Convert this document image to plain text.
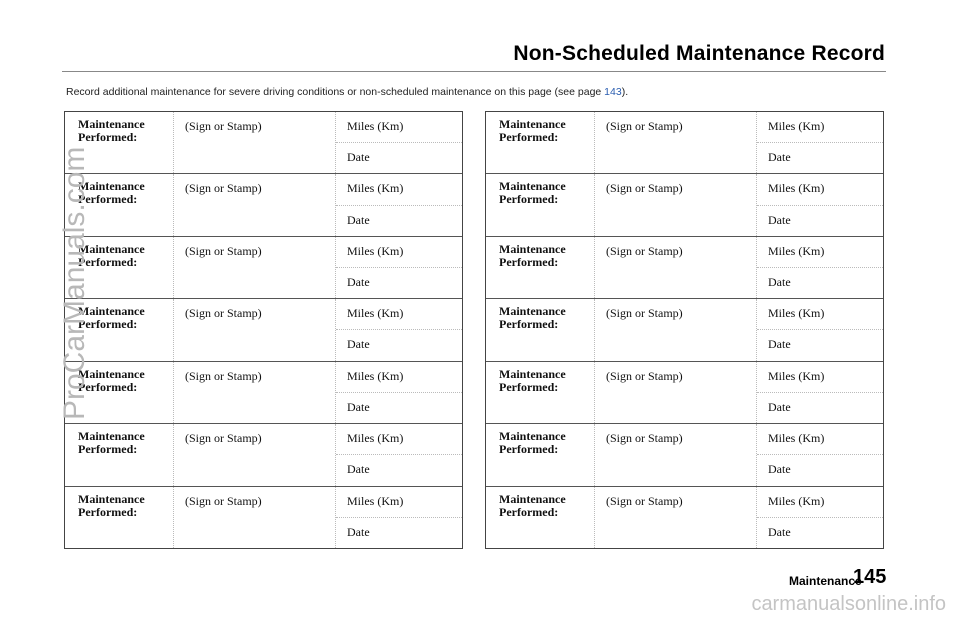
Non-Scheduled Maintenance Record
Record additional maintenance for severe driving conditions or non-scheduled maintenance on this page (see page 143).
Maintenance
Performed:
(Sign or Stamp)	Miles (Km)
Date
Maintenance
Performed:
(Sign or Stamp)	Miles (Km)
Date
Maintenance
Performed:
(Sign or Stamp)	Miles (Km)
Date
Maintenance
Performed:
(Sign or Stamp)	Miles (Km)
Date
Maintenance
Performed:
(Sign or Stamp)	Miles (Km)
Date
Maintenance
Performed:
(Sign or Stamp)	Miles (Km)
Date
Maintenance
Performed:
(Sign or Stamp)	Miles (Km)
Date
Maintenance
Performed:
(Sign or Stamp)	Miles (Km)
Date
Maintenance
Performed:
(Sign or Stamp)	Miles (Km)
Date
Maintenance
Performed:
(Sign or Stamp)	Miles (Km)
Date
Maintenance
Performed:
(Sign or Stamp)	Miles (Km)
Date
Maintenance
Performed:
(Sign or Stamp)	Miles (Km)
Date
Maintenance
Performed:
(Sign or Stamp)	Miles (Km)
Date
Maintenance
Performed:
(Sign or Stamp)	Miles (Km)
Date
Maintenance
145
ProCarManuals.com
carmanualsonline.info
